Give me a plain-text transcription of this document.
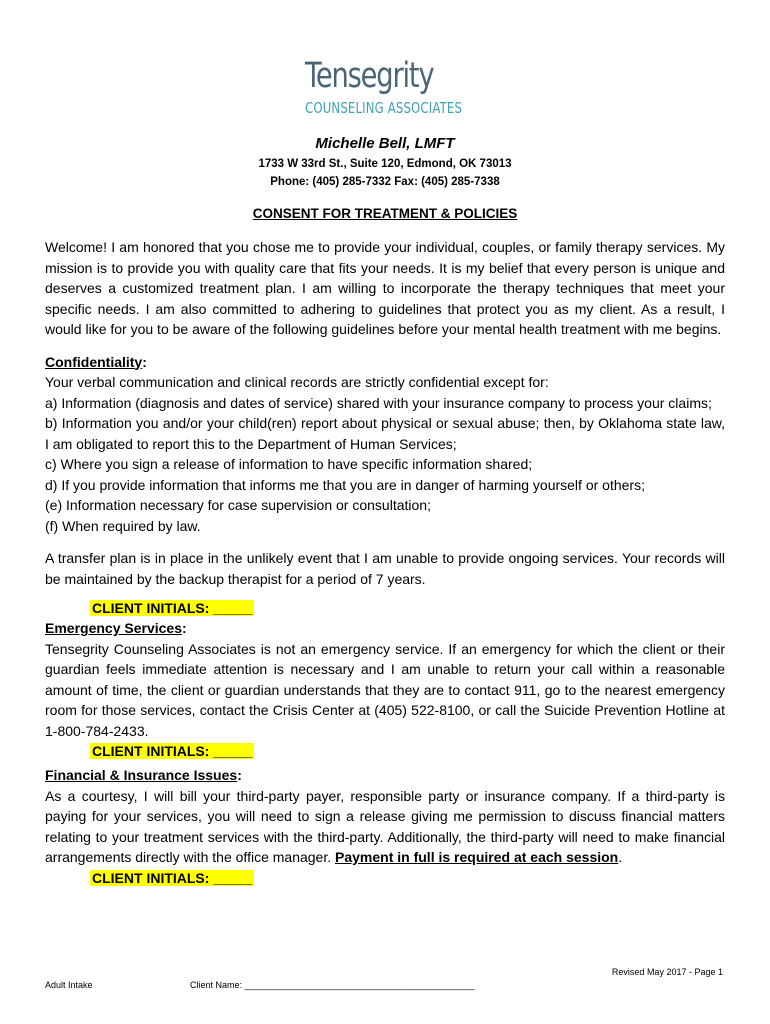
Tensegrity
COUNSELING ASSOCIATES
Michelle Bell, LMFT
1733 W 33rd St., Suite 120, Edmond, OK 73013
Phone: (405) 285-7332 Fax: (405) 285-7338
CONSENT FOR TREATMENT & POLICIES

Welcome! I am honored that you chose me to provide your individual, couples, or family therapy services. My mission is to provide you with quality care that fits your needs. It is my belief that every person is unique and deserves a customized treatment plan. I am willing to incorporate the therapy techniques that meet your specific needs. I am also committed to adhering to guidelines that protect you as my client. As a result, I would like for you to be aware of the following guidelines before your mental health treatment with me begins.

Confidentiality:

Your verbal communication and clinical records are strictly confidential except for:

a) Information (diagnosis and dates of service) shared with your insurance company to process your claims;

b) Information you and/or your child(ren) report about physical or sexual abuse; then, by Oklahoma state law, I am obligated to report this to the Department of Human Services;

c) Where you sign a release of information to have specific information shared;

d) If you provide information that informs me that you are in danger of harming yourself or others;

(e) Information necessary for case supervision or consultation;

(f) When required by law.

A transfer plan is in place in the unlikely event that I am unable to provide ongoing services. Your records will be maintained by the backup therapist for a period of 7 years.

CLIENT INITIALS: _____
Emergency Services:

Tensegrity Counseling Associates is not an emergency service. If an emergency for which the client or their guardian feels immediate attention is necessary and I am unable to return your call within a reasonable amount of time, the client or guardian understands that they are to contact 911, go to the nearest emergency room for those services, contact the Crisis Center at (405) 522-8100, or call the Suicide Prevention Hotline at 1-800-784-2433.

CLIENT INITIALS: _____
Financial & Insurance Issues:

As a courtesy, I will bill your third-party payer, responsible party or insurance company. If a third-party is paying for your services, you will need to sign a release giving me permission to discuss financial matters relating to your treatment services with the third-party. Additionally, the third-party will need to make financial arrangements directly with the office manager. Payment in full is required at each session.

CLIENT INITIALS: _____
Revised May 2017 - Page 1
Adult Intake	Client Name: ______________________________________________
